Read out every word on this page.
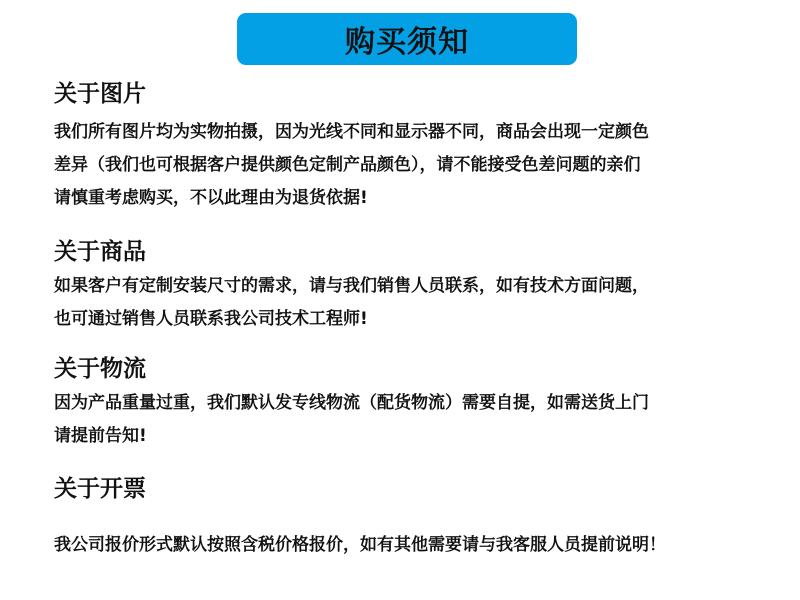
购买须知
关于图片

我们所有图片均为实物拍摄，因为光线不同和显示器不同，商品会出现一定颜色

差异（我们也可根据客户提供颜色定制产品颜色），请不能接受色差问题的亲们

请慎重考虑购买，不以此理由为退货依据!

关于商品

如果客户有定制安装尺寸的需求，请与我们销售人员联系，如有技术方面问题，

也可通过销售人员联系我公司技术工程师!

关于物流

因为产品重量过重，我们默认发专线物流（配货物流）需要自提，如需送货上门

请提前告知!

关于开票

我公司报价形式默认按照含税价格报价，如有其他需要请与我客服人员提前说明！
